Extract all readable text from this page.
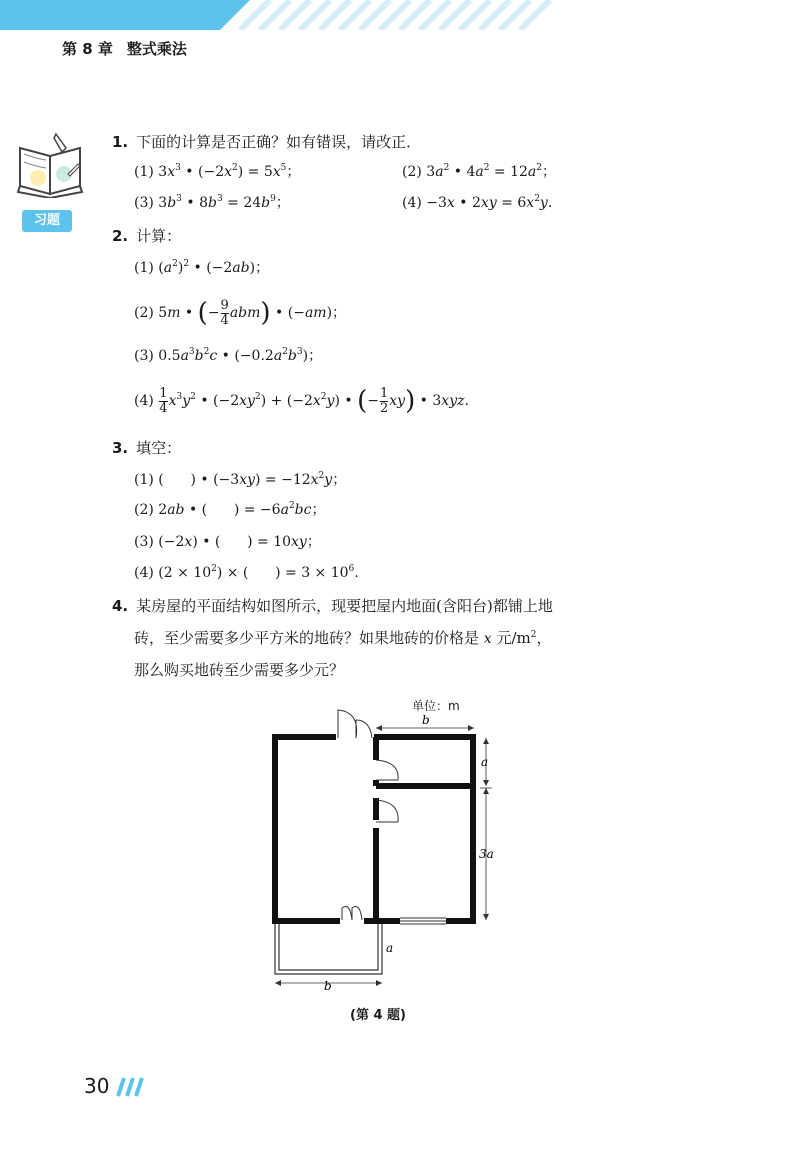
第 8 章 整式乘法
习题
1. 下面的计算是否正确？如有错误，请改正．
(1) $3x^3$ • $(-2x^2) = 5x^5$；	(2) $3a^2$ • $4a^2 = 12a^2$；
(3) $3b^3$ • $8b^3 = 24b^9$；	(4) −3x • $2xy = 6x^2y$.
2. 计算：
(1) $(a^2)^2$ • (−2ab)；
(2) 5m • (− $\frac{9}{4} abm$) • (−am)；
(3) $0.5a^3b^2c$ • $(-0.2a^2b^3)$；
$(4) \frac{1}{4} x^3y^2$ • $(-2xy^2) + (-2x^2y)$ • (− $\frac{1}{2} xy$) • 3xyz.
3. 填空：
(1) (      ) • $(-3xy) = -12x^2y$；
(2) 2ab • (      ) = $-6a^2bc$；
(3) (−2x) • (      ) = 10xy；
(4) $(2 \times 10^2)$ × (      ) = $3 \times 10^6$.
4. 某房屋的平面结构如图所示，现要把屋内地面(含阳台)都铺上地
砖，至少需要多少平方米的地砖？如果地砖的价格是 x 元$/m^2$，
那么购买地砖至少需要多少元？
单位：m
b
a
3a
a
b
(第 4 题)
30
